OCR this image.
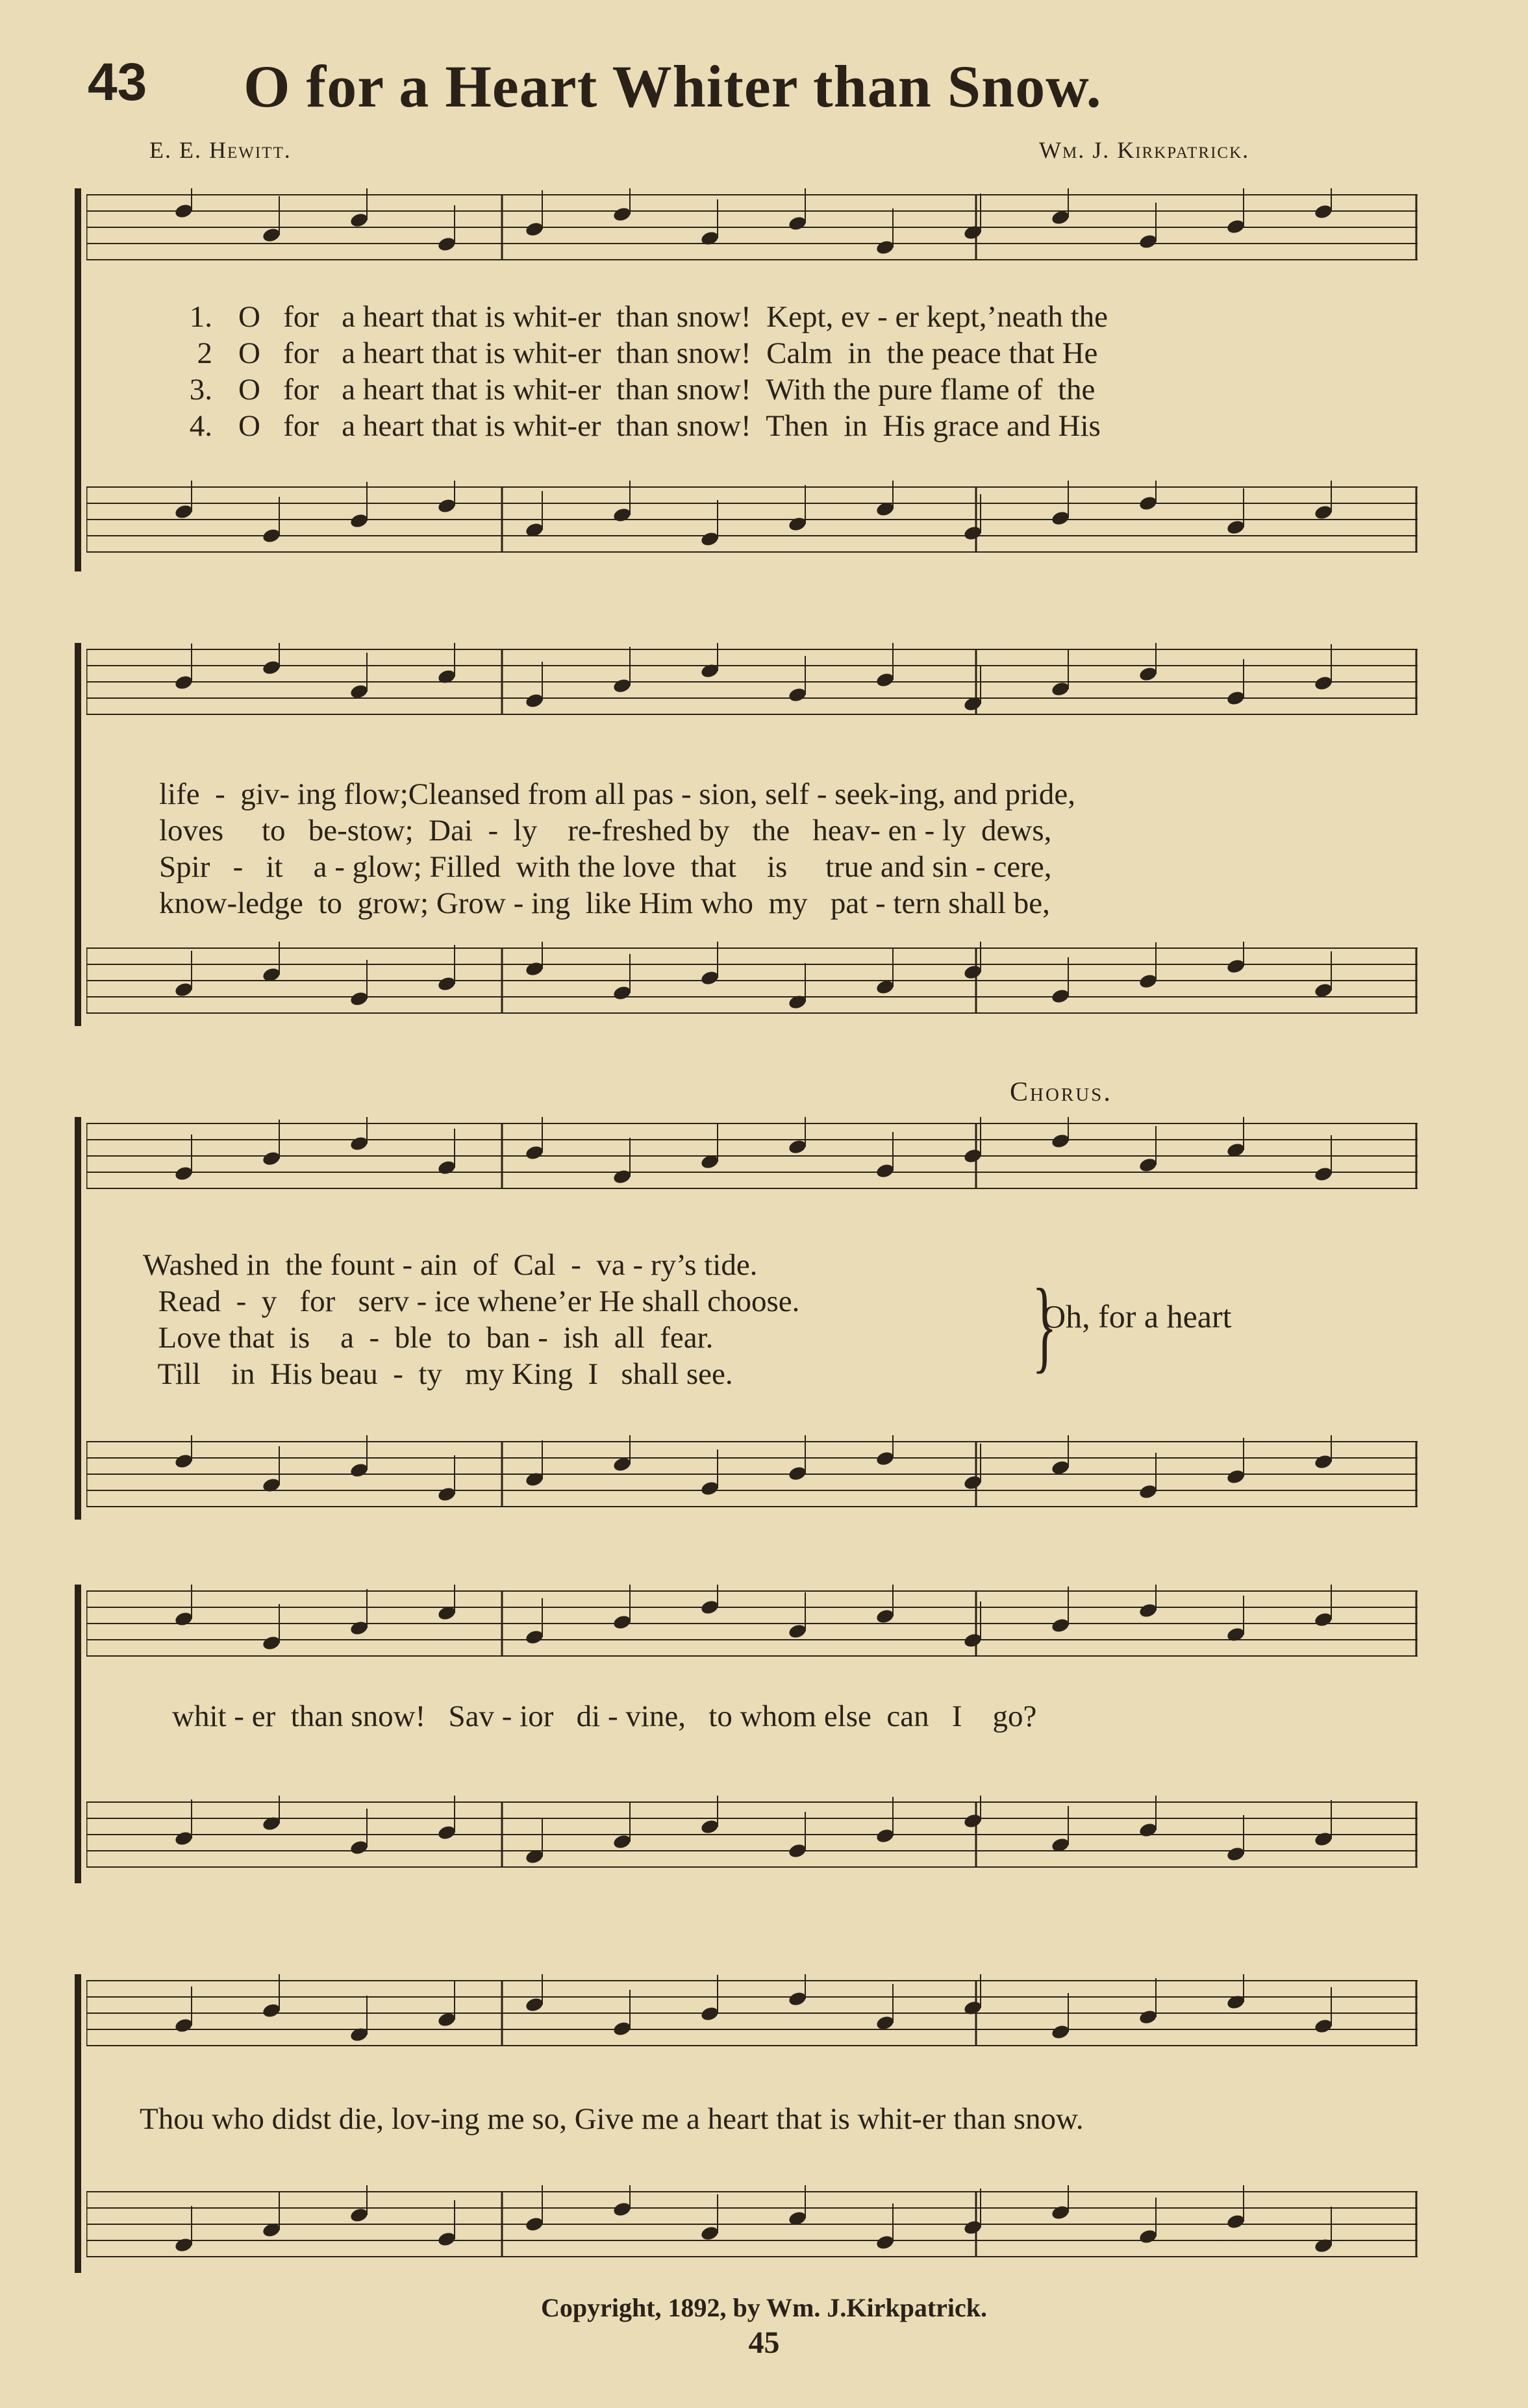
43 O for a Heart Whiter than Snow.
E. E. Hewitt.	Wm. J. Kirkpatrick.
1. O   for   a heart that is whit-er  than snow!  Kept, ev - er kept,’neath the
2 O   for   a heart that is whit-er  than snow!  Calm  in  the peace that He
3. O   for   a heart that is whit-er  than snow!  With the pure flame of  the
4. O   for   a heart that is whit-er  than snow!  Then  in  His grace and His
life  -  giv- ing flow;Cleansed from all pas - sion, self - seek-ing, and pride,
loves     to   be-stow;  Dai  -  ly    re-freshed by   the   heav- en - ly  dews,
Spir   -   it    a - glow; Filled  with the love  that    is     true and sin - cere,
know-ledge  to  grow; Grow - ing  like Him who  my   pat - tern shall be,
Washed in  the fount - ain  of  Cal  -  va - ry’s tide.
Read  -  y   for   serv - ice whene’er He shall choose.
Love that  is    a  -  ble  to  ban -  ish  all  fear.
Till    in  His beau  -  ty   my King  I   shall see.
Chorus.
}
Oh, for a heart
whit - er  than snow!   Sav - ior   di - vine,   to whom else  can   I    go?
Thou who didst die, lov-ing me so, Give me a heart that is whit-er than snow.
Copyright, 1892, by Wm. J.Kirkpatrick.
45
